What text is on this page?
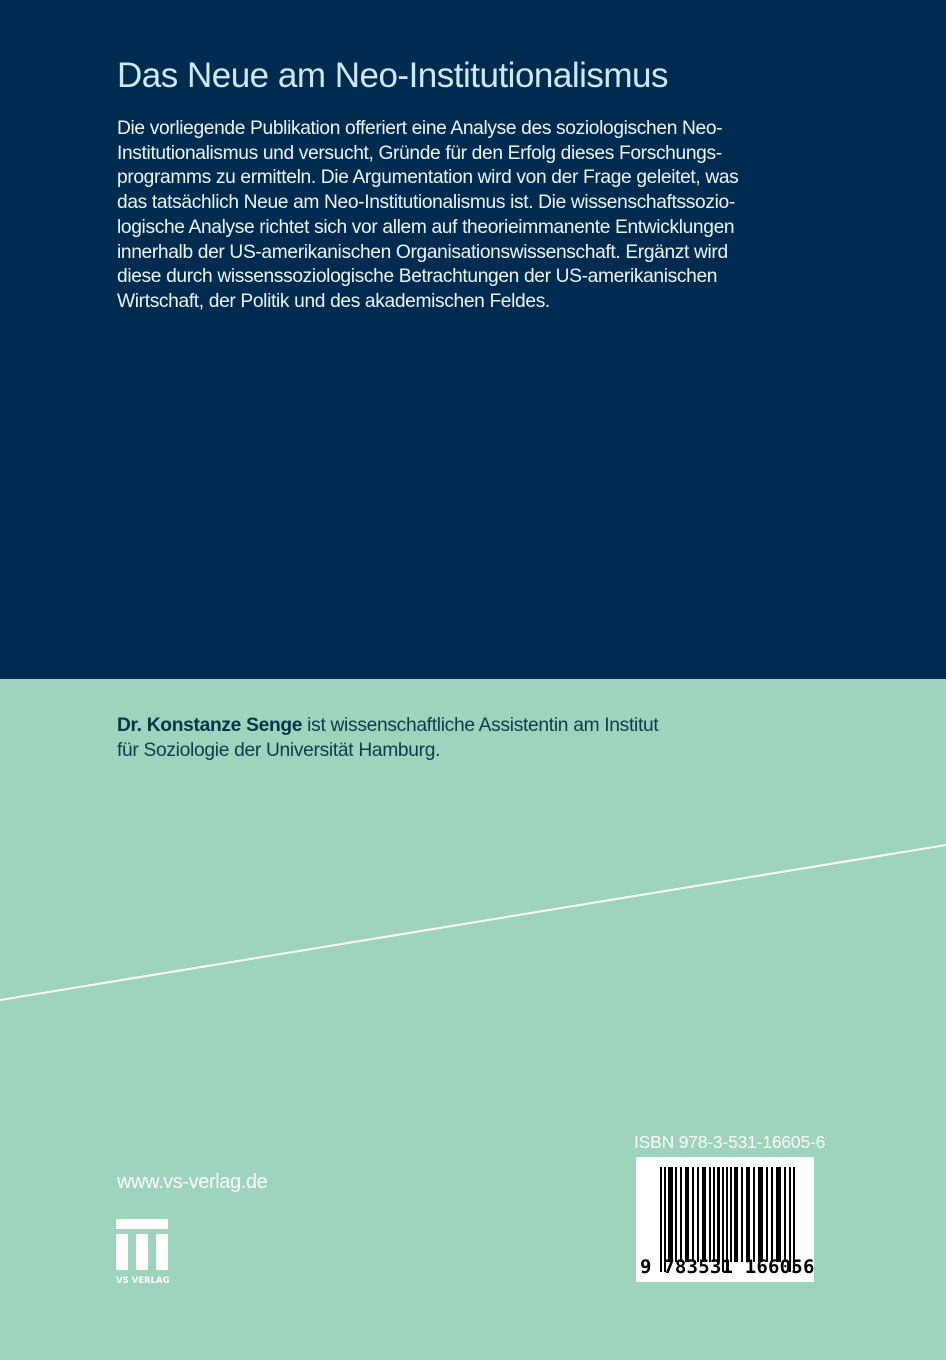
Das Neue am Neo-Institutionalismus
Die vorliegende Publikation offeriert eine Analyse des soziologischen Neo-
Institutionalismus und versucht, Gründe für den Erfolg dieses Forschungs-
programms zu ermitteln. Die Argumentation wird von der Frage geleitet, was
das tatsächlich Neue am Neo-Institutionalismus ist. Die wissenschaftssozio-
logische Analyse richtet sich vor allem auf theorieimmanente Entwicklungen
innerhalb der US-amerikanischen Organisationswissenschaft. Ergänzt wird
diese durch wissenssoziologische Betrachtungen der US-amerikanischen
Wirtschaft, der Politik und des akademischen Feldes.
Dr. Konstanze Senge ist wissenschaftliche Assistentin am Institut
für Soziologie der Universität Hamburg.
www.vs-verlag.de
VS VERLAG
ISBN 978-3-531-16605-6
9 783531 166056
